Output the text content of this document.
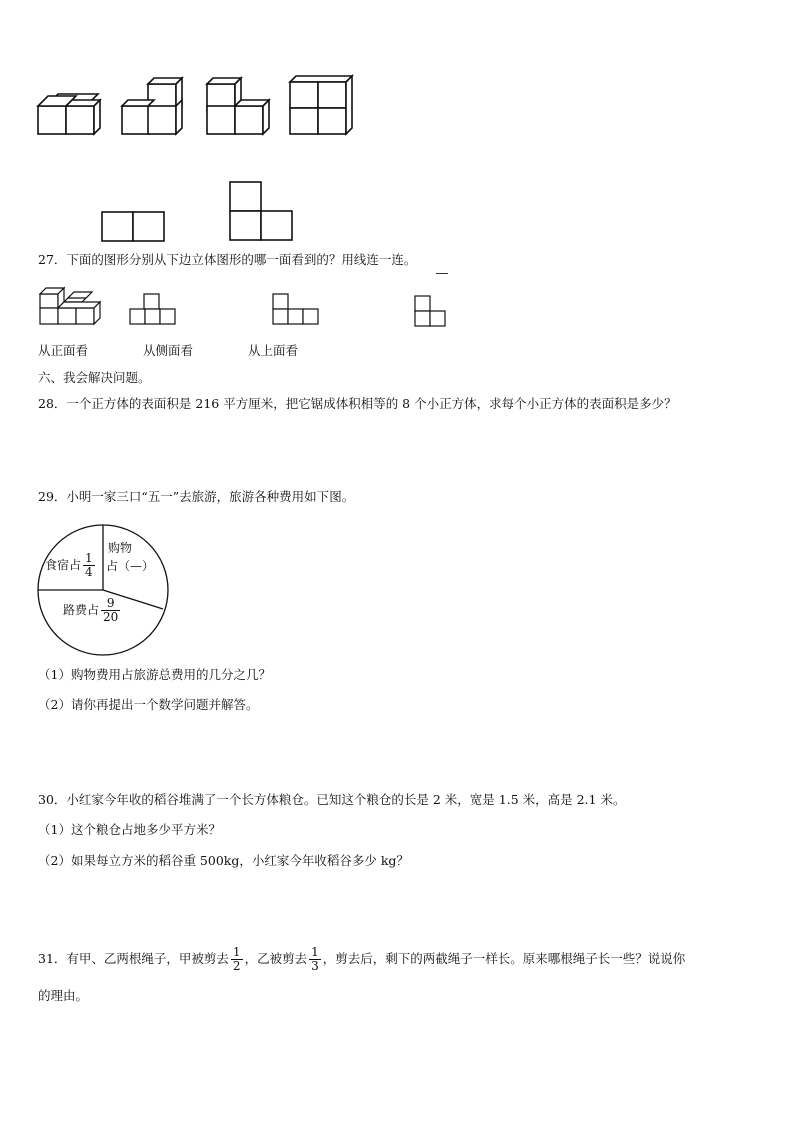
27．下面的图形分别从下边立体图形的哪一面看到的？用线连一连。
从正面看	从侧面看	从上面看
六、我会解决问题。
28．一个正方体的表面积是 216 平方厘米，把它锯成体积相等的 8 个小正方体，求每个小正方体的表面积是多少？
29．小明一家三口“五一”去旅游，旅游各种费用如下图。
食宿占 $\frac{1}{4}$
购物
占（—）
路费占 $\frac{9}{20}$
（1）购物费用占旅游总费用的几分之几？
（2）请你再提出一个数学问题并解答。
30．小红家今年收的稻谷堆满了一个长方体粮仓。已知这个粮仓的长是 2 米，宽是 1.5 米，高是 2.1 米。
（1）这个粮仓占地多少平方米？
（2）如果每立方米的稻谷重 500kg，小红家今年收稻谷多少 kg？
31．有甲、乙两根绳子，甲被剪去 $\frac{1}{2}$ ，乙被剪去 $\frac{1}{3}$ ，剪去后，剩下的两截绳子一样长。原来哪根绳子长一些？说说你
的理由。
